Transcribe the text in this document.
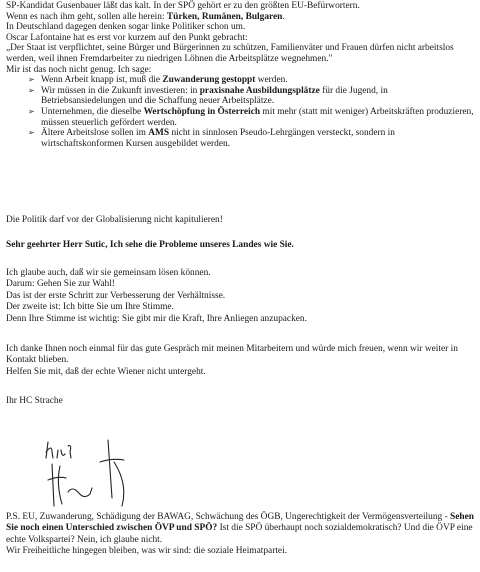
SP-Kandidat Gusenbauer läßt das kalt. In der SPÖ gehört er zu den größten EU-Befürwortern.

Wenn es nach ihm geht, sollen alle herein: Türken, Rumänen, Bulgaren.

In Deutschland dagegen denken sogar linke Politiker schon um.

Oscar Lafontaine hat es erst vor kurzem auf den Punkt gebracht:

„Der Staat ist verpflichtet, seine Bürger und Bürgerinnen zu schützen, Familienväter und Frauen dürfen nicht arbeitslos werden, weil ihnen Fremdarbeiter zu niedrigen Löhnen die Arbeitsplätze wegnehmen."

Mir ist das noch nicht genug. Ich sage:

➢ Wenn Arbeit knapp ist, muß die Zuwanderung gestoppt werden.
➢ Wir müssen in die Zukunft investieren: in praxisnahe Ausbildungsplätze für die Jugend, in Betriebsansiedelungen und die Schaffung neuer Arbeitsplätze.
➢ Unternehmen, die dieselbe Wertschöpfung in Österreich mit mehr (statt mit weniger) Arbeitskräften produzieren, müssen steuerlich gefördert werden.
➢ Ältere Arbeitslose sollen im AMS nicht in sinnlosen Pseudo-Lehrgängen versteckt, sondern in wirtschaftskonformen Kursen ausgebildet werden.

Die Politik darf vor der Globalisierung nicht kapitulieren!

Sehr geehrter Herr Sutic, Ich sehe die Probleme unseres Landes wie Sie.

Ich glaube auch, daß wir sie gemeinsam lösen können.

Darum: Gehen Sie zur Wahl!

Das ist der erste Schritt zur Verbesserung der Verhältnisse.

Der zweite ist: Ich bitte Sie um Ihre Stimme.

Denn Ihre Stimme ist wichtig: Sie gibt mir die Kraft, Ihre Anliegen anzupacken.

Ich danke Ihnen noch einmal für das gute Gespräch mit meinen Mitarbeitern und würde mich freuen, wenn wir weiter in Kontakt blieben.

Helfen Sie mit, daß der echte Wiener nicht untergeht.

Ihr HC Strache

P.S. EU, Zuwanderung, Schädigung der BAWAG, Schwächung des ÖGB, Ungerechtigkeit der Vermögensverteilung - Sehen Sie noch einen Unterschied zwischen ÖVP und SPÖ? Ist die SPÖ überhaupt noch sozialdemokratisch? Und die ÖVP eine echte Volkspartei? Nein, ich glaube nicht.

Wir Freiheitliche hingegen bleiben, was wir sind: die soziale Heimatpartei.
